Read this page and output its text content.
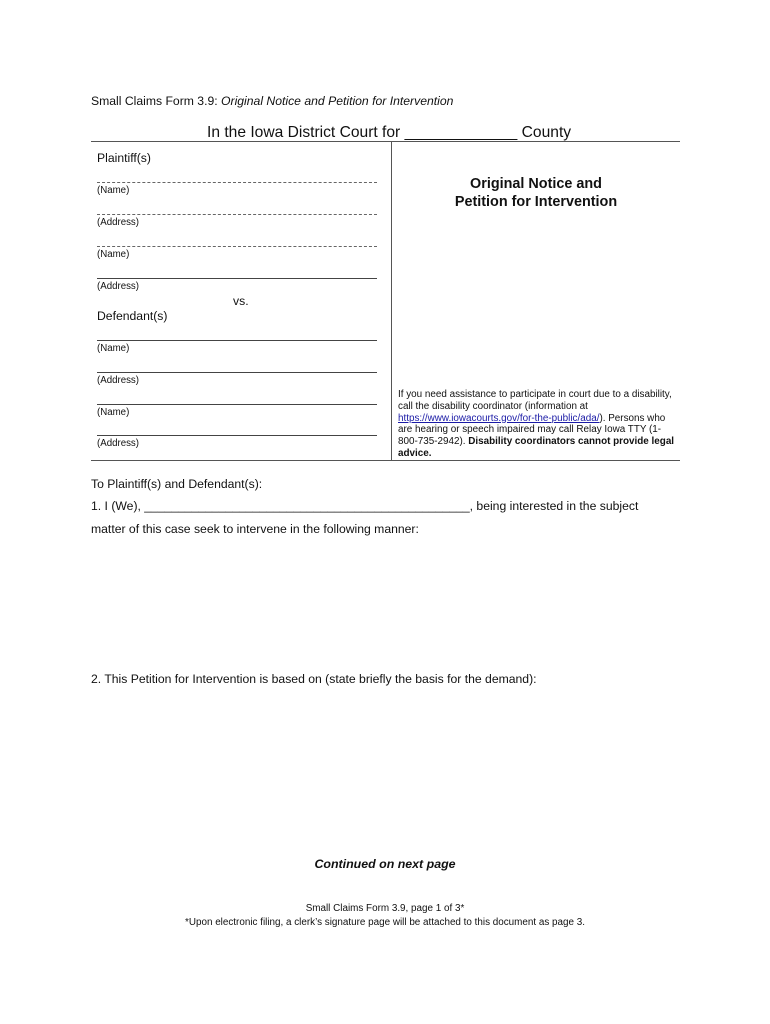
Small Claims Form 3.9: Original Notice and Petition for Intervention
In the Iowa District Court for _____________ County
Plaintiff(s)
(Name)
(Address)
(Name)
(Address)
vs.
Defendant(s)
(Name)
(Address)
(Name)
(Address)
Original Notice and
Petition for Intervention
If you need assistance to participate in court due to a disability, call the disability coordinator (information at https://www.iowacourts.gov/for-the-public/ada/). Persons who are hearing or speech impaired may call Relay Iowa TTY (1-800-735-2942). Disability coordinators cannot provide legal advice.
To Plaintiff(s) and Defendant(s):
1. I (We), ________________________________________________, being interested in the subject
matter of this case seek to intervene in the following manner:
2. This Petition for Intervention is based on (state briefly the basis for the demand):
Continued on next page
Small Claims Form 3.9, page 1 of 3*
*Upon electronic filing, a clerk’s signature page will be attached to this document as page 3.
